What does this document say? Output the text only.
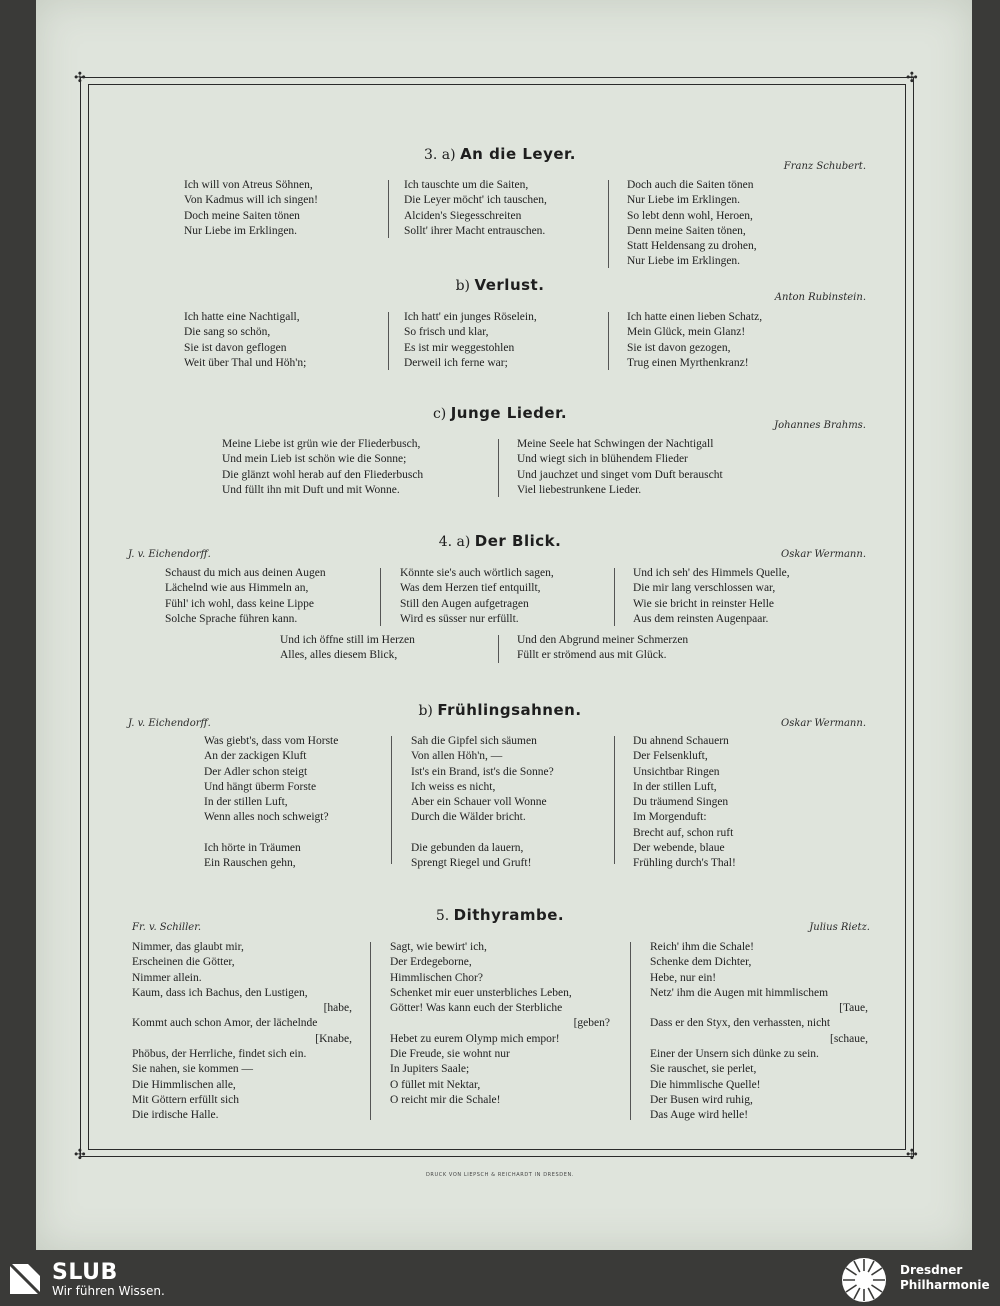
✣	✣
✣	✣
3. a) An die Leyer.
Franz Schubert.
Ich will von Atreus Söhnen,
Von Kadmus will ich singen!
Doch meine Saiten tönen
Nur Liebe im Erklingen.
Ich tauschte um die Saiten,
Die Leyer möcht' ich tauschen,
Alciden's Siegesschreiten
Sollt' ihrer Macht entrauschen.
Doch auch die Saiten tönen
Nur Liebe im Erklingen.
So lebt denn wohl, Heroen,
Denn meine Saiten tönen,
Statt Heldensang zu drohen,
Nur Liebe im Erklingen.
b) Verlust.
Anton Rubinstein.
Ich hatte eine Nachtigall,
Die sang so schön,
Sie ist davon geflogen
Weit über Thal und Höh'n;
Ich hatt' ein junges Röselein,
So frisch und klar,
Es ist mir weggestohlen
Derweil ich ferne war;
Ich hatte einen lieben Schatz,
Mein Glück, mein Glanz!
Sie ist davon gezogen,
Trug einen Myrthenkranz!
c) Junge Lieder.
Johannes Brahms.
Meine Liebe ist grün wie der Fliederbusch,
Und mein Lieb ist schön wie die Sonne;
Die glänzt wohl herab auf den Fliederbusch
Und füllt ihn mit Duft und mit Wonne.
Meine Seele hat Schwingen der Nachtigall
Und wiegt sich in blühendem Flieder
Und jauchzet und singet vom Duft berauscht
Viel liebestrunkene Lieder.
4. a) Der Blick.
J. v. Eichendorff.	Oskar Wermann.
Schaust du mich aus deinen Augen
Lächelnd wie aus Himmeln an,
Fühl' ich wohl, dass keine Lippe
Solche Sprache führen kann.
Könnte sie's auch wörtlich sagen,
Was dem Herzen tief entquillt,
Still den Augen aufgetragen
Wird es süsser nur erfüllt.
Und ich seh' des Himmels Quelle,
Die mir lang verschlossen war,
Wie sie bricht in reinster Helle
Aus dem reinsten Augenpaar.
Und ich öffne still im Herzen
Alles, alles diesem Blick,
Und den Abgrund meiner Schmerzen
Füllt er strömend aus mit Glück.
b) Frühlingsahnen.
J. v. Eichendorff.	Oskar Wermann.
Was giebt's, dass vom Horste
An der zackigen Kluft
Der Adler schon steigt
Und hängt überm Forste
In der stillen Luft,
Wenn alles noch schweigt?
Ich hörte in Träumen
Ein Rauschen gehn,
Sah die Gipfel sich säumen
Von allen Höh'n, —
Ist's ein Brand, ist's die Sonne?
Ich weiss es nicht,
Aber ein Schauer voll Wonne
Durch die Wälder bricht.
Die gebunden da lauern,
Sprengt Riegel und Gruft!
Du ahnend Schauern
Der Felsenkluft,
Unsichtbar Ringen
In der stillen Luft,
Du träumend Singen
Im Morgenduft:
Brecht auf, schon ruft
Der webende, blaue
Frühling durch's Thal!
5. Dithyrambe.
Fr. v. Schiller.	Julius Rietz.
Nimmer, das glaubt mir,
Erscheinen die Götter,
Nimmer allein.
Kaum, dass ich Bachus, den Lustigen,
[habe,
Kommt auch schon Amor, der lächelnde
[Knabe,
Phöbus, der Herrliche, findet sich ein.
Sie nahen, sie kommen —
Die Himmlischen alle,
Mit Göttern erfüllt sich
Die irdische Halle.
Sagt, wie bewirt' ich,
Der Erdegeborne,
Himmlischen Chor?
Schenket mir euer unsterbliches Leben,
Götter! Was kann euch der Sterbliche
[geben?
Hebet zu eurem Olymp mich empor!
Die Freude, sie wohnt nur
In Jupiters Saale;
O füllet mit Nektar,
O reicht mir die Schale!
Reich' ihm die Schale!
Schenke dem Dichter,
Hebe, nur ein!
Netz' ihm die Augen mit himmlischem
[Taue,
Dass er den Styx, den verhassten, nicht
[schaue,
Einer der Unsern sich dünke zu sein.
Sie rauschet, sie perlet,
Die himmlische Quelle!
Der Busen wird ruhig,
Das Auge wird helle!
DRUCK VON LIEPSCH & REICHARDT IN DRESDEN.
SLUB
Wir führen Wissen.
Dresdner
Philharmonie
